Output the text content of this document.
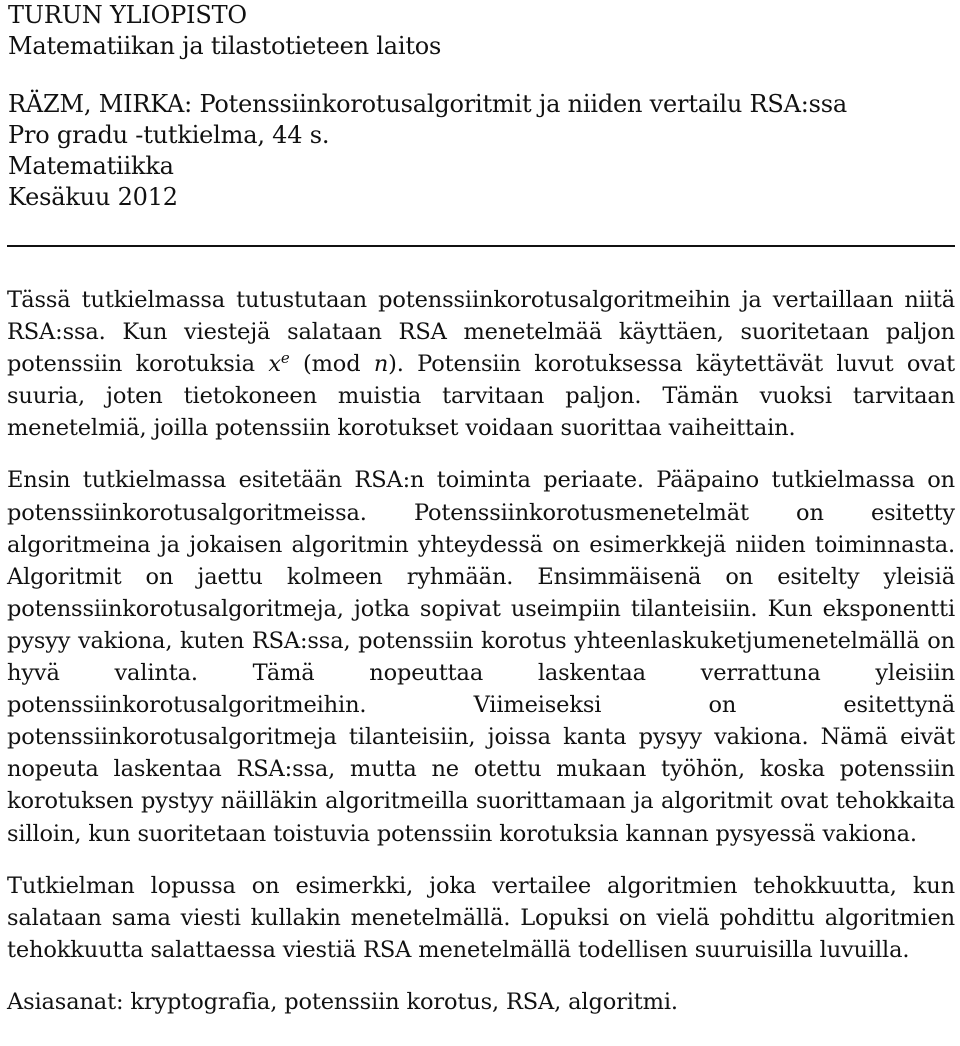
TURUN YLIOPISTO
Matematiikan ja tilastotieteen laitos
RÄZM, MIRKA: Potenssiinkorotusalgoritmit ja niiden vertailu RSA:ssa
Pro gradu -tutkielma, 44 s.
Matematiikka
Kesäkuu 2012

Tässä tutkielmassa tutustutaan potenssiinkorotusalgoritmeihin ja vertaillaan niitä RSA:ssa. Kun viestejä salataan RSA menetelmää käyttäen, suoritetaan paljon potenssiin korotuksia $x^e$ (mod n). Potensiin korotuksessa käytettävät luvut ovat suuria, joten tietokoneen muistia tarvitaan paljon. Tämän vuoksi tarvitaan menetelmiä, joilla potenssiin korotukset voidaan suorittaa vaiheittain.

Ensin tutkielmassa esitetään RSA:n toiminta periaate. Pääpaino tutkielmassa on potenssiinkorotusalgoritmeissa. Potenssiinkorotusmenetelmät on esitetty algoritmeina ja jokaisen algoritmin yhteydessä on esimerkkejä niiden toiminnasta. Algoritmit on jaettu kolmeen ryhmään. Ensimmäisenä on esitelty yleisiä potenssiinkorotusalgoritmeja, jotka sopivat useimpiin tilanteisiin. Kun eksponentti pysyy vakiona, kuten RSA:ssa, potenssiin korotus yhteenlaskuketjumenetelmällä on hyvä valinta. Tämä nopeuttaa laskentaa verrattuna yleisiin potenssiinkorotusalgoritmeihin. Viimeiseksi on esitettynä potenssiinkorotusalgoritmeja tilanteisiin, joissa kanta pysyy vakiona. Nämä eivät nopeuta laskentaa RSA:ssa, mutta ne otettu mukaan työhön, koska potenssiin korotuksen pystyy näilläkin algoritmeilla suorittamaan ja algoritmit ovat tehokkaita silloin, kun suoritetaan toistuvia potenssiin korotuksia kannan pysyessä vakiona.

Tutkielman lopussa on esimerkki, joka vertailee algoritmien tehokkuutta, kun salataan sama viesti kullakin menetelmällä. Lopuksi on vielä pohdittu algoritmien tehokkuutta salattaessa viestiä RSA menetelmällä todellisen suuruisilla luvuilla.

Asiasanat: kryptografia, potenssiin korotus, RSA, algoritmi.
